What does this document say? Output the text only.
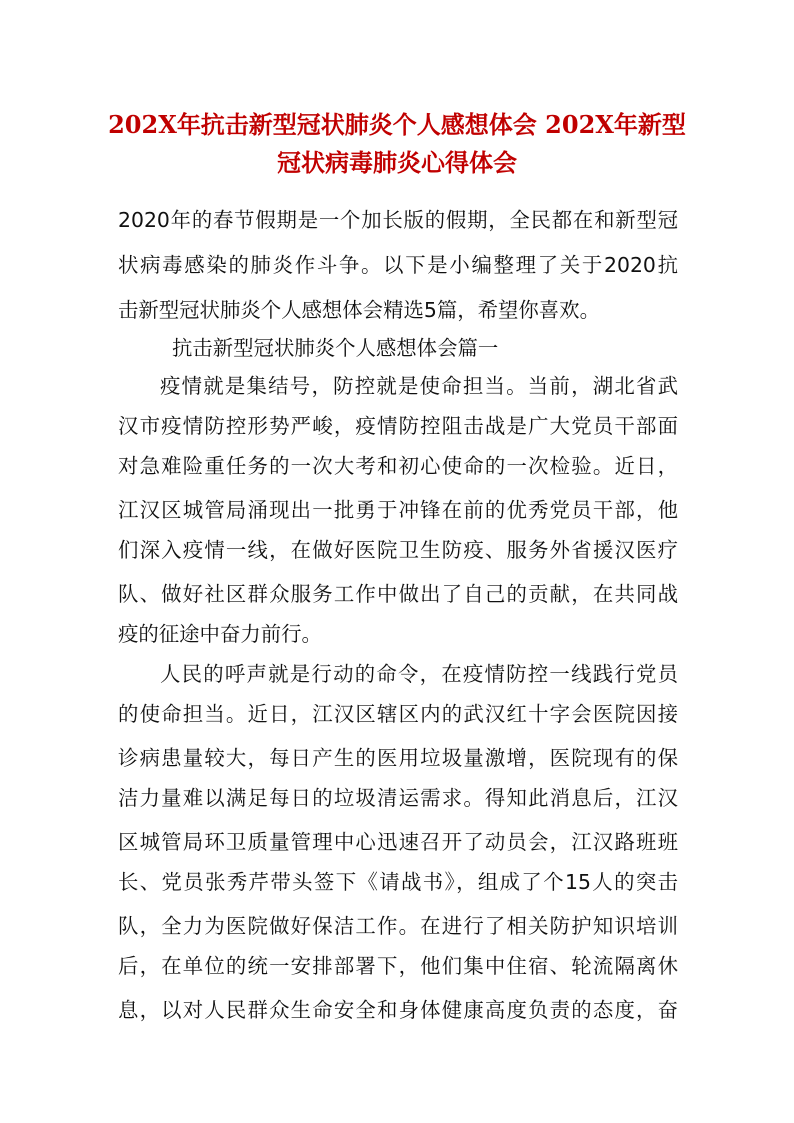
202X年抗击新型冠状肺炎个人感想体会 202X年新型
冠状病毒肺炎心得体会

2020年的春节假期是一个加长版的假期，全民都在和新型冠

状病毒感染的肺炎作斗争。以下是小编整理了关于2020抗

击新型冠状肺炎个人感想体会精选5篇，希望你喜欢。

抗击新型冠状肺炎个人感想体会篇一

疫情就是集结号，防控就是使命担当。当前，湖北省武

汉市疫情防控形势严峻，疫情防控阻击战是广大党员干部面

对急难险重任务的一次大考和初心使命的一次检验。近日，

江汉区城管局涌现出一批勇于冲锋在前的优秀党员干部，他

们深入疫情一线，在做好医院卫生防疫、服务外省援汉医疗

队、做好社区群众服务工作中做出了自己的贡献，在共同战

疫的征途中奋力前行。

人民的呼声就是行动的命令，在疫情防控一线践行党员

的使命担当。近日，江汉区辖区内的武汉红十字会医院因接

诊病患量较大，每日产生的医用垃圾量激增，医院现有的保

洁力量难以满足每日的垃圾清运需求。得知此消息后，江汉

区城管局环卫质量管理中心迅速召开了动员会，江汉路班班

长、党员张秀芹带头签下《请战书》，组成了个15人的突击

队，全力为医院做好保洁工作。在进行了相关防护知识培训

后，在单位的统一安排部署下，他们集中住宿、轮流隔离休

息，以对人民群众生命安全和身体健康高度负责的态度，奋
